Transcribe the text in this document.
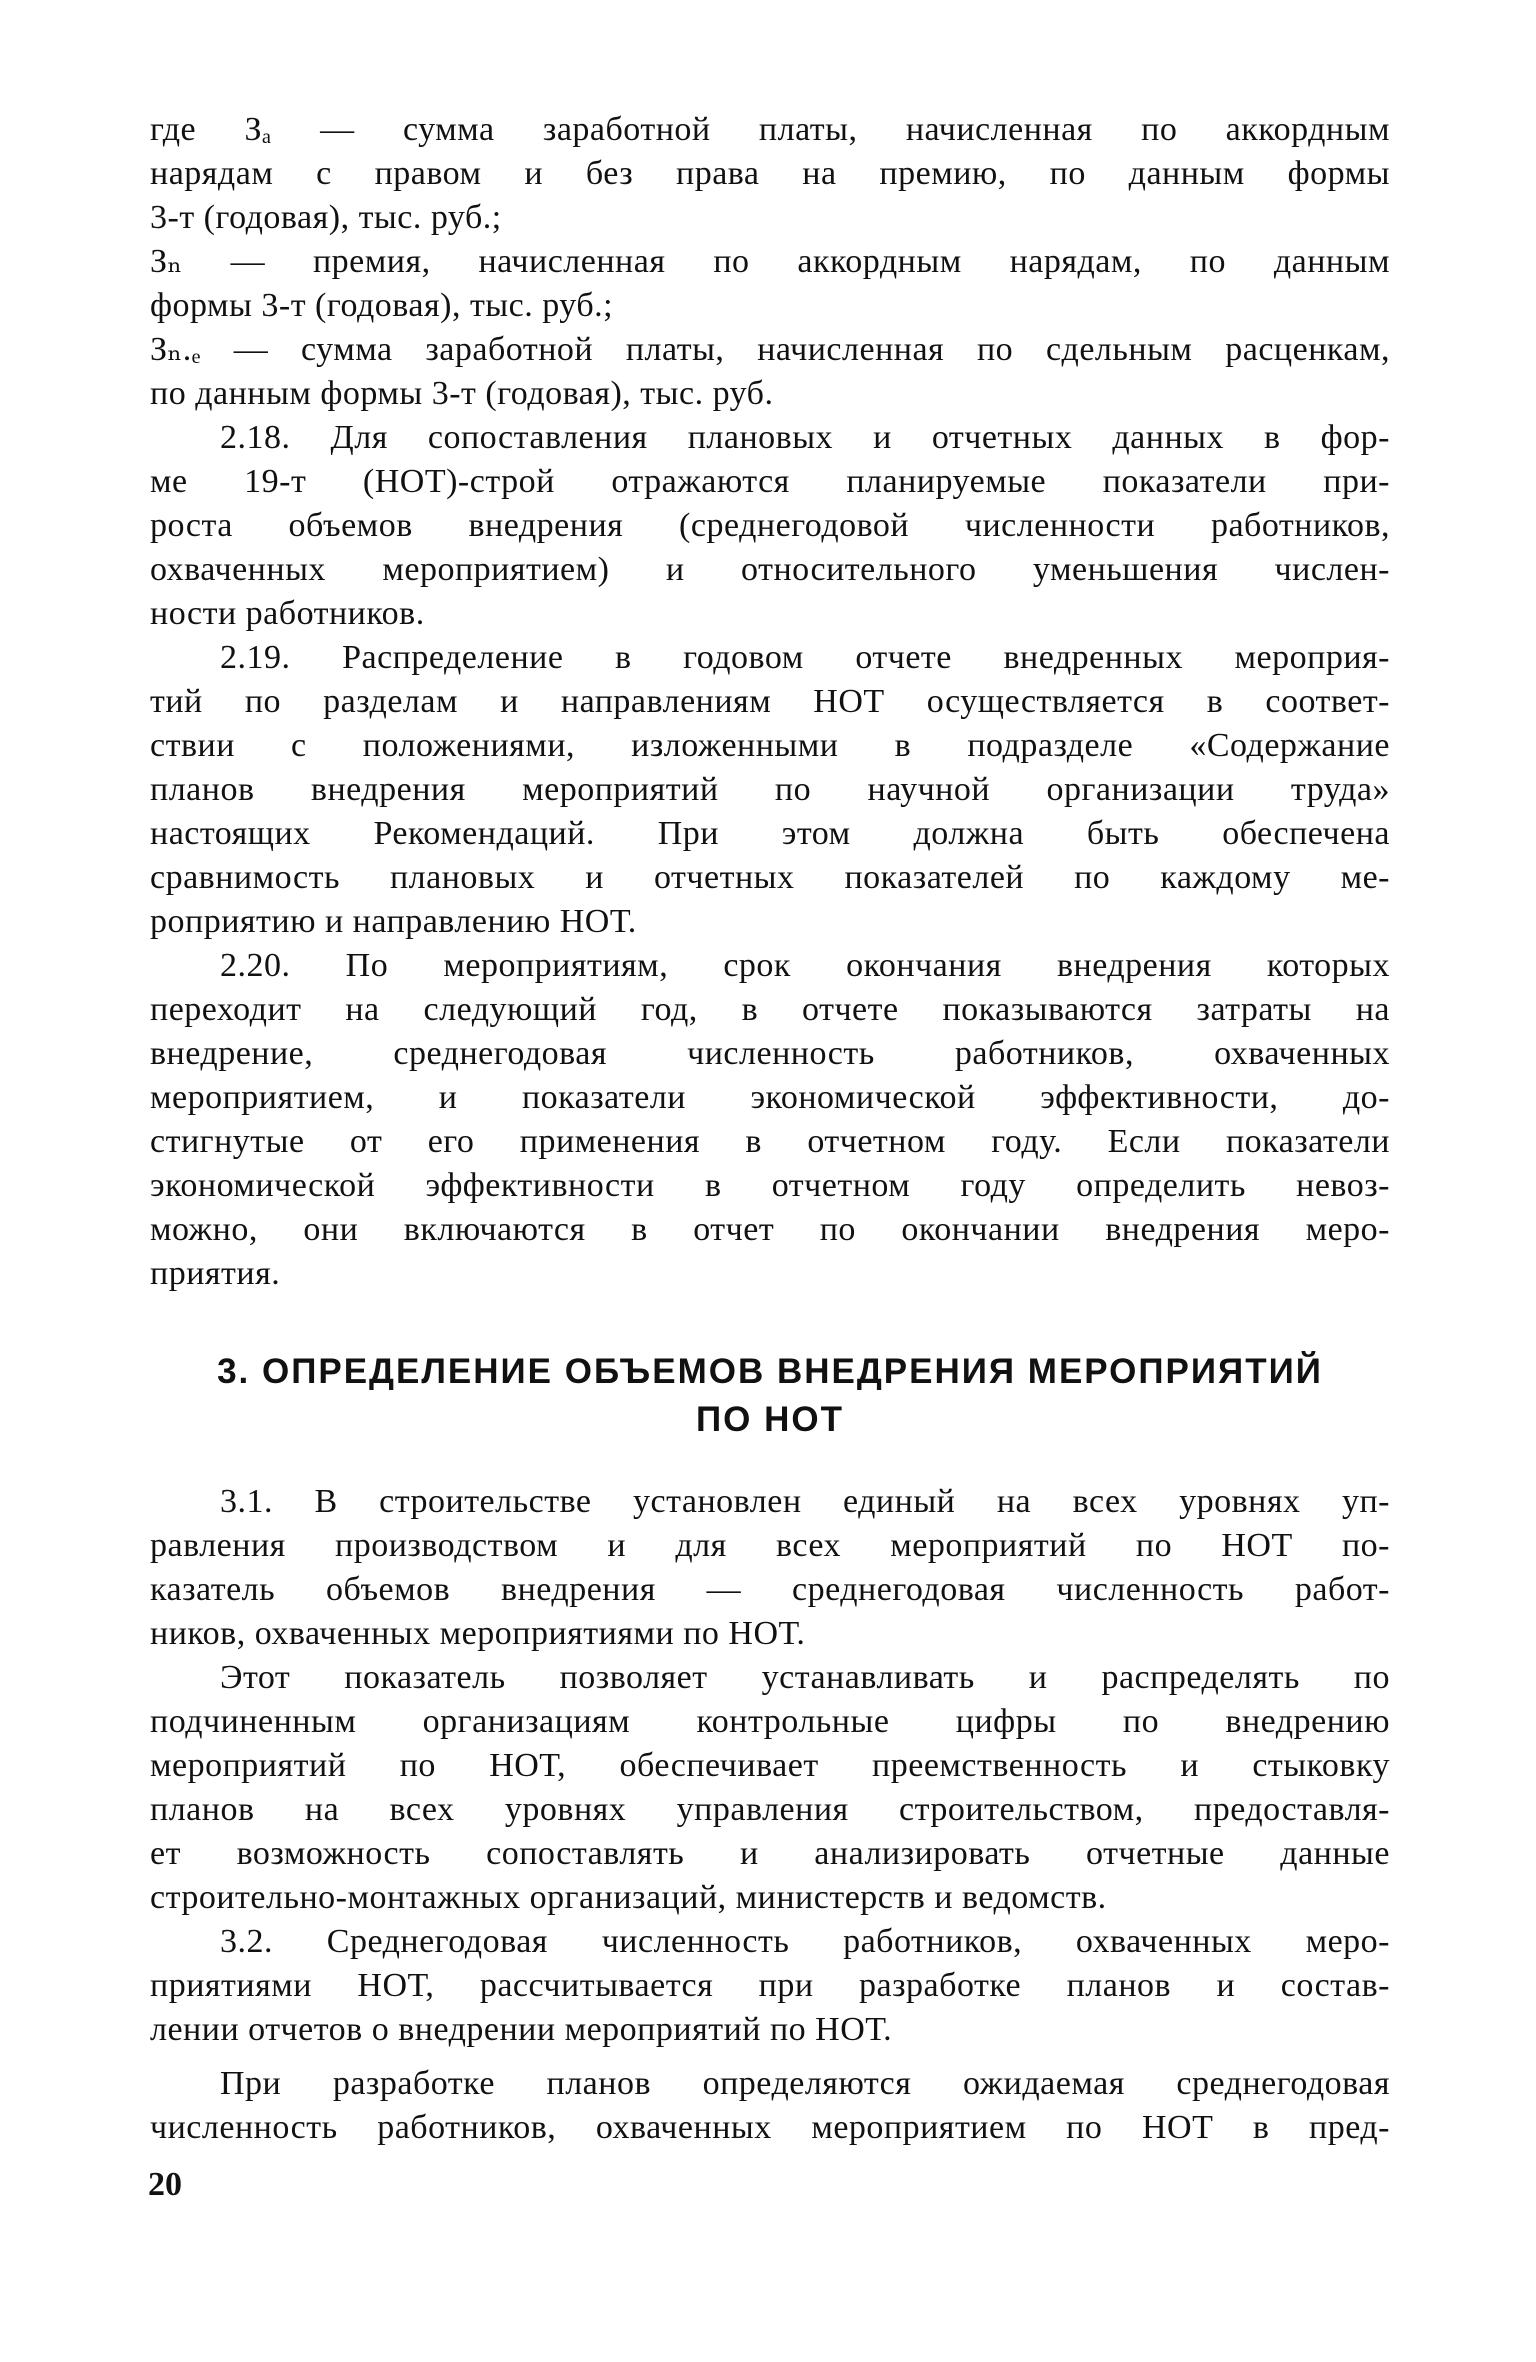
где Зₐ — сумма заработной платы, начисленная по аккордным
нарядам с правом и без права на премию, по данным формы
3-т (годовая), тыс. руб.;
Зₙ — премия, начисленная по аккордным нарядам, по данным
формы 3-т (годовая), тыс. руб.;
Зₙ.ₑ — сумма заработной платы, начисленная по сдельным расценкам,
по данным формы 3-т (годовая), тыс. руб.
2.18. Для сопоставления плановых и отчетных данных в фор-
ме 19-т (НОТ)-строй отражаются планируемые показатели при-
роста объемов внедрения (среднегодовой численности работников,
охваченных мероприятием) и относительного уменьшения числен-
ности работников.
2.19. Распределение в годовом отчете внедренных мероприя-
тий по разделам и направлениям НОТ осуществляется в соответ-
ствии с положениями, изложенными в подразделе «Содержание
планов внедрения мероприятий по научной организации труда»
настоящих Рекомендаций. При этом должна быть обеспечена
сравнимость плановых и отчетных показателей по каждому ме-
роприятию и направлению НОТ.
2.20. По мероприятиям, срок окончания внедрения которых
переходит на следующий год, в отчете показываются затраты на
внедрение, среднегодовая численность работников, охваченных
мероприятием, и показатели экономической эффективности, до-
стигнутые от его применения в отчетном году. Если показатели
экономической эффективности в отчетном году определить невоз-
можно, они включаются в отчет по окончании внедрения меро-
приятия.
3. ОПРЕДЕЛЕНИЕ ОБЪЕМОВ ВНЕДРЕНИЯ МЕРОПРИЯТИЙ
ПО НОТ
3.1. В строительстве установлен единый на всех уровнях уп-
равления производством и для всех мероприятий по НОТ по-
казатель объемов внедрения — среднегодовая численность работ-
ников, охваченных мероприятиями по НОТ.
Этот показатель позволяет устанавливать и распределять по
подчиненным организациям контрольные цифры по внедрению
мероприятий по НОТ, обеспечивает преемственность и стыковку
планов на всех уровнях управления строительством, предоставля-
ет возможность сопоставлять и анализировать отчетные данные
строительно-монтажных организаций, министерств и ведомств.
3.2. Среднегодовая численность работников, охваченных меро-
приятиями НОТ, рассчитывается при разработке планов и состав-
лении отчетов о внедрении мероприятий по НОТ.
При разработке планов определяются ожидаемая среднегодовая
численность работников, охваченных мероприятием по НОТ в пред-
20
